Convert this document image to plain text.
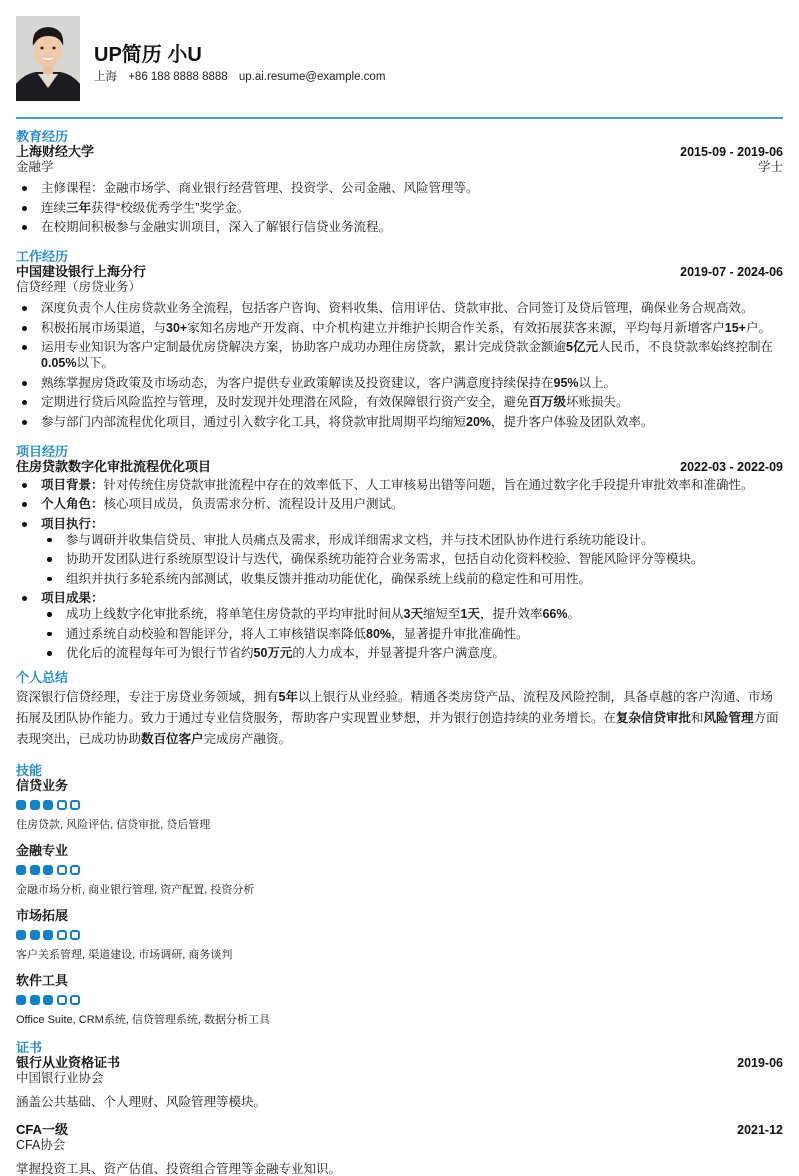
UP简历 小U
上海 +86 188 8888 8888 up.ai.resume@example.com
教育经历
上海财经大学	2015-09 - 2019-06
金融学	学士
主修课程：金融市场学、商业银行经营管理、投资学、公司金融、风险管理等。
连续三年获得“校级优秀学生”奖学金。
在校期间积极参与金融实训项目，深入了解银行信贷业务流程。
工作经历
中国建设银行上海分行	2019-07 - 2024-06
信贷经理（房贷业务）
深度负责个人住房贷款业务全流程，包括客户咨询、资料收集、信用评估、贷款审批、合同签订及贷后管理，确保业务合规高效。
积极拓展市场渠道，与30+家知名房地产开发商、中介机构建立并维护长期合作关系，有效拓展获客来源，平均每月新增客户15+户。
运用专业知识为客户定制最优房贷解决方案，协助客户成功办理住房贷款，累计完成贷款金额逾5亿元人民币，不良贷款率始终控制在0.05%以下。
熟练掌握房贷政策及市场动态，为客户提供专业政策解读及投资建议，客户满意度持续保持在95%以上。
定期进行贷后风险监控与管理，及时发现并处理潜在风险，有效保障银行资产安全，避免百万级坏账损失。
参与部门内部流程优化项目，通过引入数字化工具，将贷款审批周期平均缩短20%，提升客户体验及团队效率。
项目经历
住房贷款数字化审批流程优化项目	2022-03 - 2022-09
项目背景：针对传统住房贷款审批流程中存在的效率低下、人工审核易出错等问题，旨在通过数字化手段提升审批效率和准确性。
个人角色：核心项目成员，负责需求分析、流程设计及用户测试。
项目执行：
参与调研并收集信贷员、审批人员痛点及需求，形成详细需求文档，并与技术团队协作进行系统功能设计。
协助开发团队进行系统原型设计与迭代，确保系统功能符合业务需求，包括自动化资料校验、智能风险评分等模块。
组织并执行多轮系统内部测试，收集反馈并推动功能优化，确保系统上线前的稳定性和可用性。
项目成果：
成功上线数字化审批系统，将单笔住房贷款的平均审批时间从3天缩短至1天，提升效率66%。
通过系统自动校验和智能评分，将人工审核错误率降低80%，显著提升审批准确性。
优化后的流程每年可为银行节省约50万元的人力成本，并显著提升客户满意度。
个人总结
资深银行信贷经理，专注于房贷业务领域，拥有5年以上银行从业经验。精通各类房贷产品、流程及风险控制，具备卓越的客户沟通、市场拓展及团队协作能力。致力于通过专业信贷服务，帮助客户实现置业梦想，并为银行创造持续的业务增长。在复杂信贷审批和风险管理方面表现突出，已成功协助数百位客户完成房产融资。
技能
信贷业务
住房贷款, 风险评估, 信贷审批, 贷后管理
金融专业
金融市场分析, 商业银行管理, 资产配置, 投资分析
市场拓展
客户关系管理, 渠道建设, 市场调研, 商务谈判
软件工具
Office Suite, CRM系统, 信贷管理系统, 数据分析工具
证书
银行从业资格证书	2019-06
中国银行业协会
涵盖公共基础、个人理财、风险管理等模块。
CFA一级	2021-12
CFA协会
掌握投资工具、资产估值、投资组合管理等金融专业知识。
